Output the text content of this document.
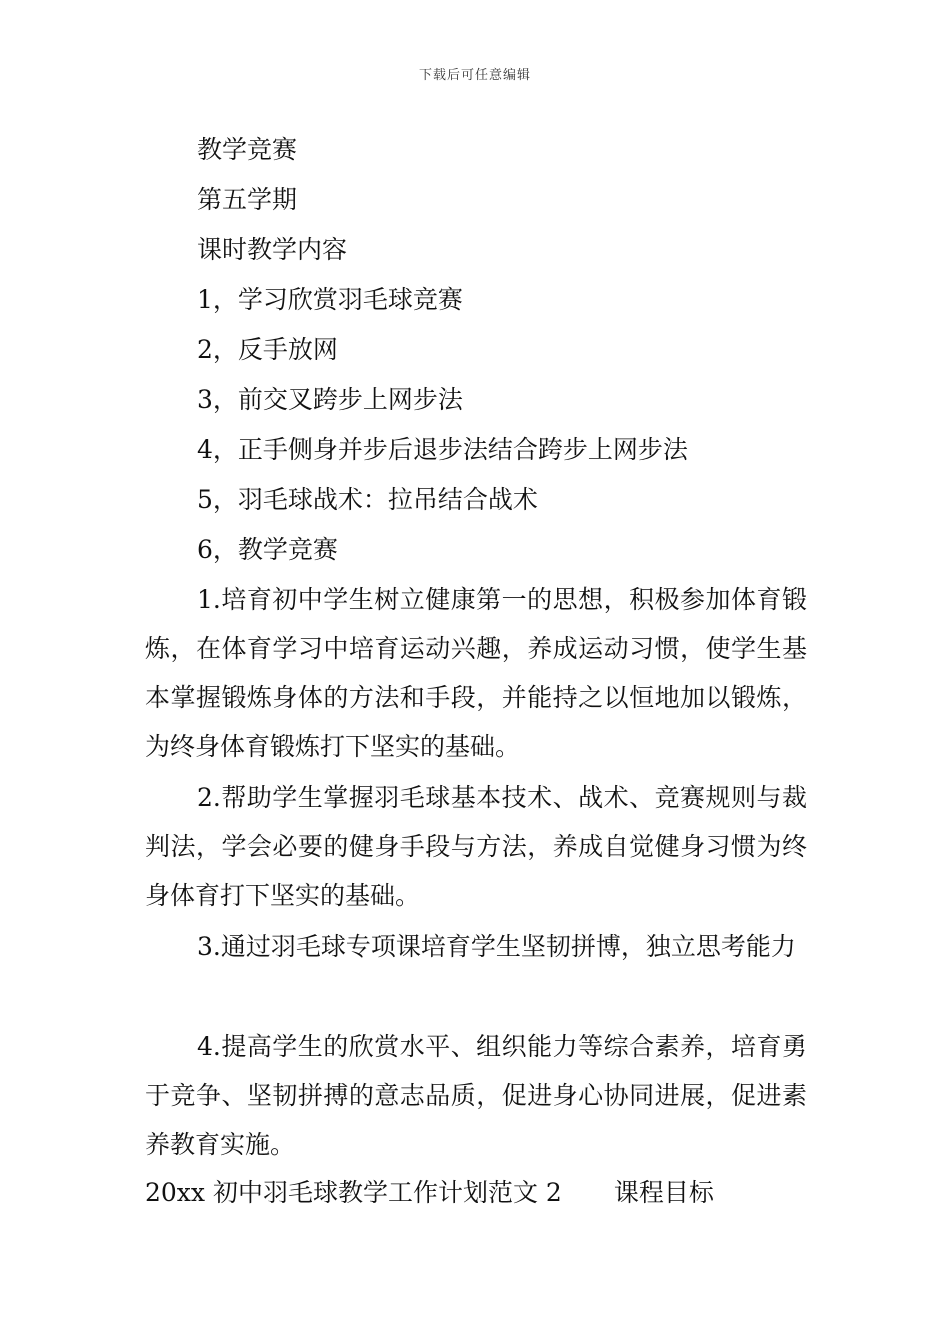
下载后可任意编辑
教学竞赛
第五学期
课时教学内容
1，学习欣赏羽毛球竞赛
2，反手放网
3，前交叉跨步上网步法
4，正手侧身并步后退步法结合跨步上网步法
5，羽毛球战术：拉吊结合战术
6，教学竞赛

1.培育初中学生树立健康第一的思想，积极参加体育锻炼，在体育学习中培育运动兴趣，养成运动习惯，使学生基本掌握锻炼身体的方法和手段，并能持之以恒地加以锻炼，为终身体育锻炼打下坚实的基础。

2.帮助学生掌握羽毛球基本技术、战术、竞赛规则与裁判法，学会必要的健身手段与方法，养成自觉健身习惯为终身体育打下坚实的基础。

3.通过羽毛球专项课培育学生坚韧拼博，独立思考能力

4.提高学生的欣赏水平、组织能力等综合素养，培育勇于竞争、坚韧拼搏的意志品质，促进身心协同进展，促进素养教育实施。

20xx 初中羽毛球教学工作计划范文 2 课程目标
